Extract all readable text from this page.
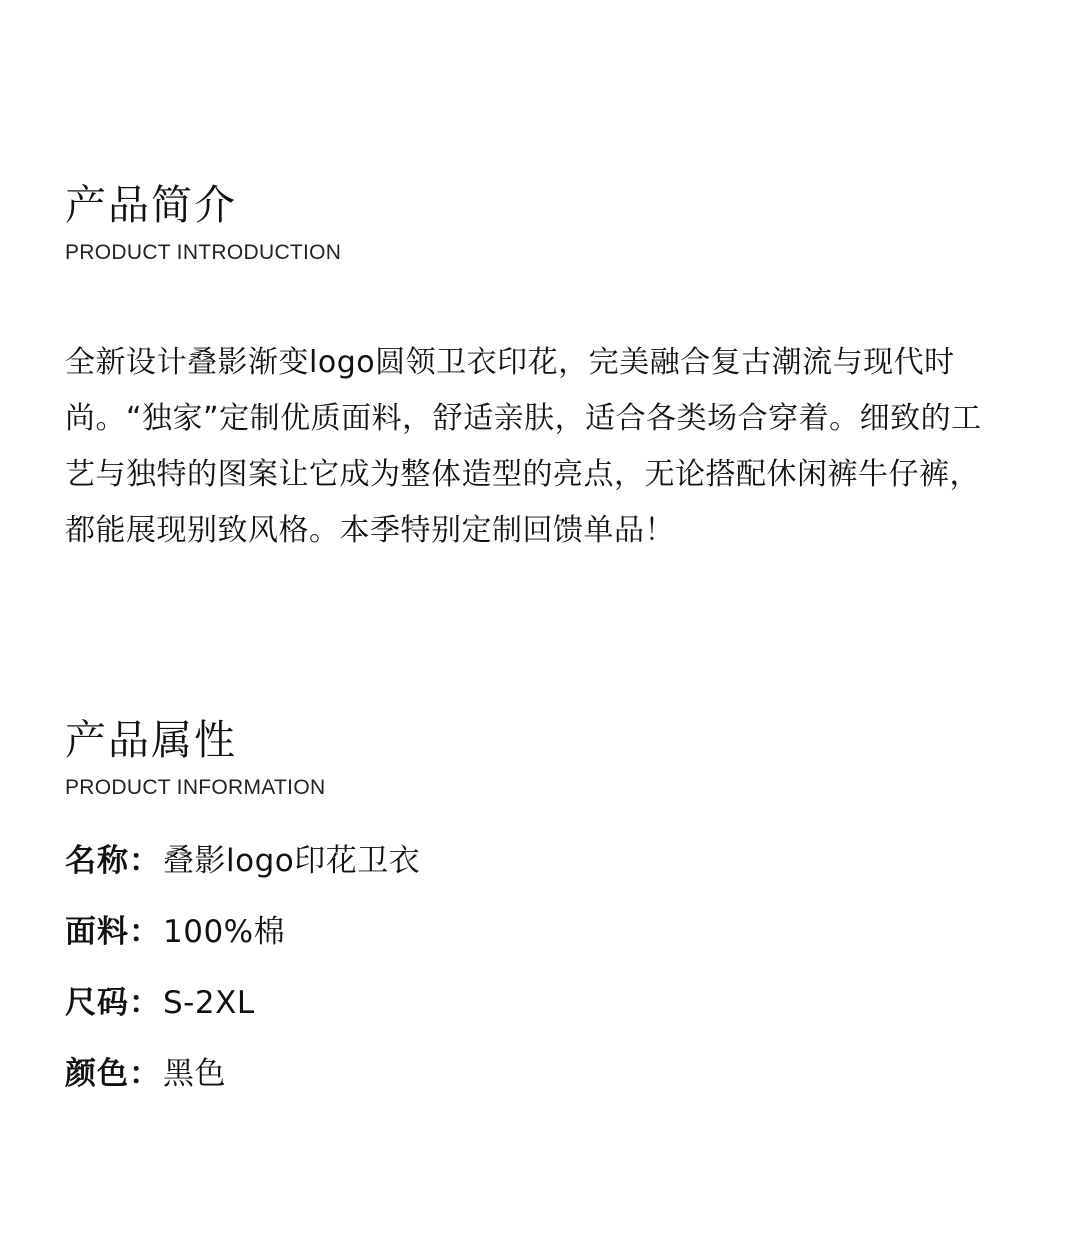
产品简介
PRODUCT INTRODUCTION

全新设计叠影渐变logo圆领卫衣印花，完美融合复古潮流与现代时尚。“独家”定制优质面料，舒适亲肤，适合各类场合穿着。细致的工艺与独特的图案让它成为整体造型的亮点，无论搭配休闲裤牛仔裤，都能展现别致风格。本季特别定制回馈单品！

产品属性
PRODUCT INFORMATION
名称： 叠影logo印花卫衣
面料： 100%棉
尺码： S-2XL
颜色： 黑色
